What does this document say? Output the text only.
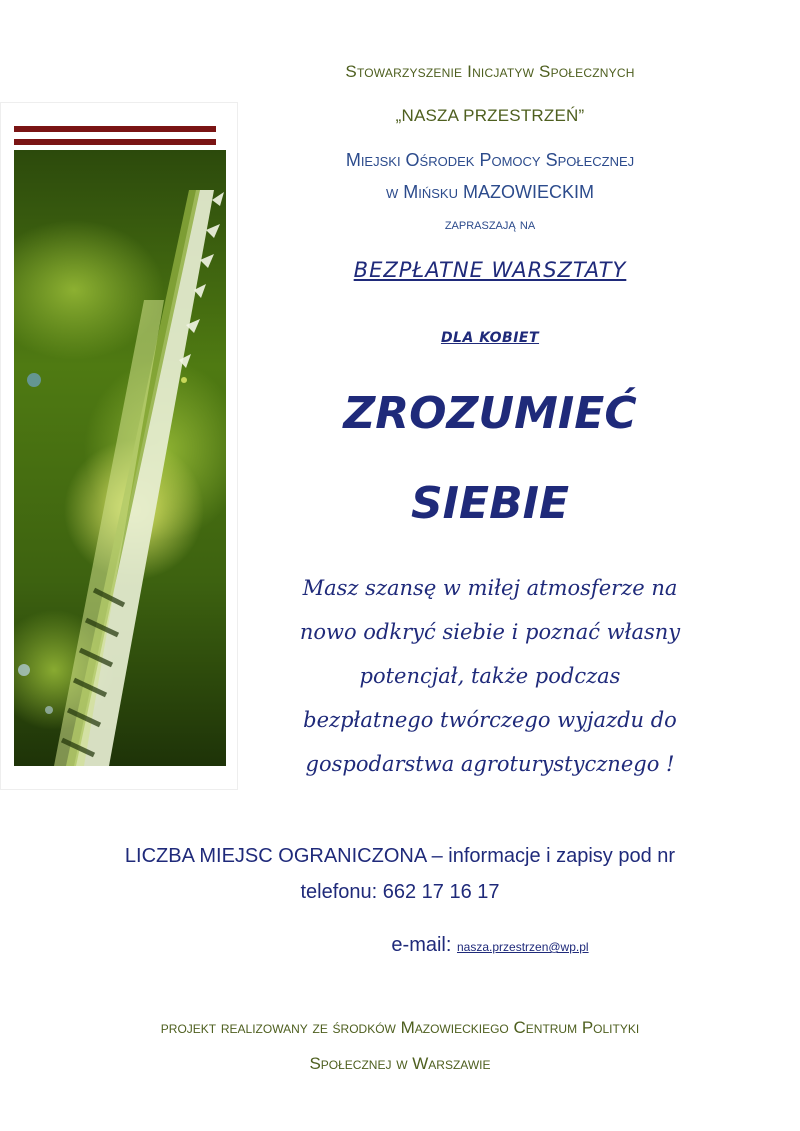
Stowarzyszenie Inicjatyw Społecznych
„NASZA PRZESTRZEŃ”
Miejski Ośrodek Pomocy Społecznej
w Mińsku MAZOWIECKIM
zapraszają na
BEZPŁATNE WARSZTATY
DLA KOBIET
ZROZUMIEĆ
SIEBIE
Masz szansę w miłej atmosferze na
nowo odkryć siebie i poznać własny
potencjał, także podczas
bezpłatnego twórczego wyjazdu do
gospodarstwa agroturystycznego !
LICZBA MIEJSC OGRANICZONA – informacje i zapisy pod nr
telefonu: 662 17 16 17
e-mail: nasza.przestrzen@wp.pl
projekt realizowany ze środków Mazowieckiego Centrum Polityki
Społecznej w Warszawie
